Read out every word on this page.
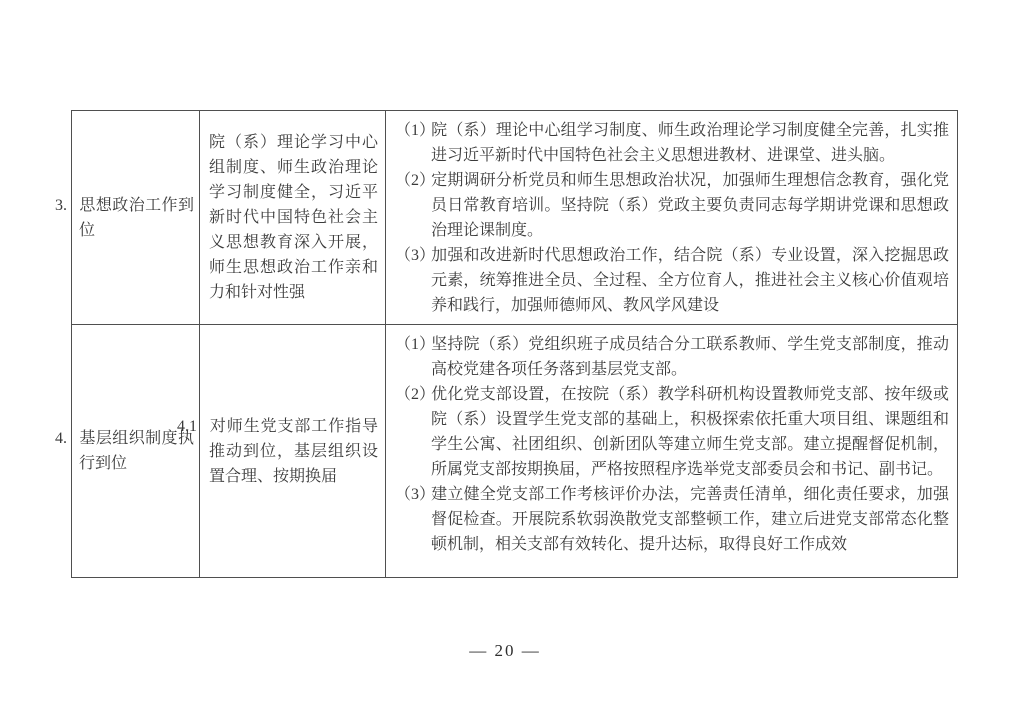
3. 思想政治工作到位
院（系）理论学习中心组制度、师生政治理论学习制度健全，习近平新时代中国特色社会主义思想教育深入开展，师生思想政治工作亲和力和针对性强
（1）院（系）理论中心组学习制度、师生政治理论学习制度健全完善，扎实推进习近平新时代中国特色社会主义思想进教材、进课堂、进头脑。
（2）定期调研分析党员和师生思想政治状况，加强师生理想信念教育，强化党员日常教育培训。坚持院（系）党政主要负责同志每学期讲党课和思想政治理论课制度。
（3）加强和改进新时代思想政治工作，结合院（系）专业设置，深入挖掘思政元素，统筹推进全员、全过程、全方位育人，推进社会主义核心价值观培养和践行，加强师德师风、教风学风建设
4. 基层组织制度执行到位
4.1 对师生党支部工作指导推动到位，基层组织设置合理、按期换届
（1）坚持院（系）党组织班子成员结合分工联系教师、学生党支部制度，推动高校党建各项任务落到基层党支部。
（2）优化党支部设置，在按院（系）教学科研机构设置教师党支部、按年级或院（系）设置学生党支部的基础上，积极探索依托重大项目组、课题组和学生公寓、社团组织、创新团队等建立师生党支部。建立提醒督促机制，所属党支部按期换届，严格按照程序选举党支部委员会和书记、副书记。
（3）建立健全党支部工作考核评价办法，完善责任清单，细化责任要求，加强督促检查。开展院系软弱涣散党支部整顿工作，建立后进党支部常态化整顿机制，相关支部有效转化、提升达标，取得良好工作成效
— 20 —
